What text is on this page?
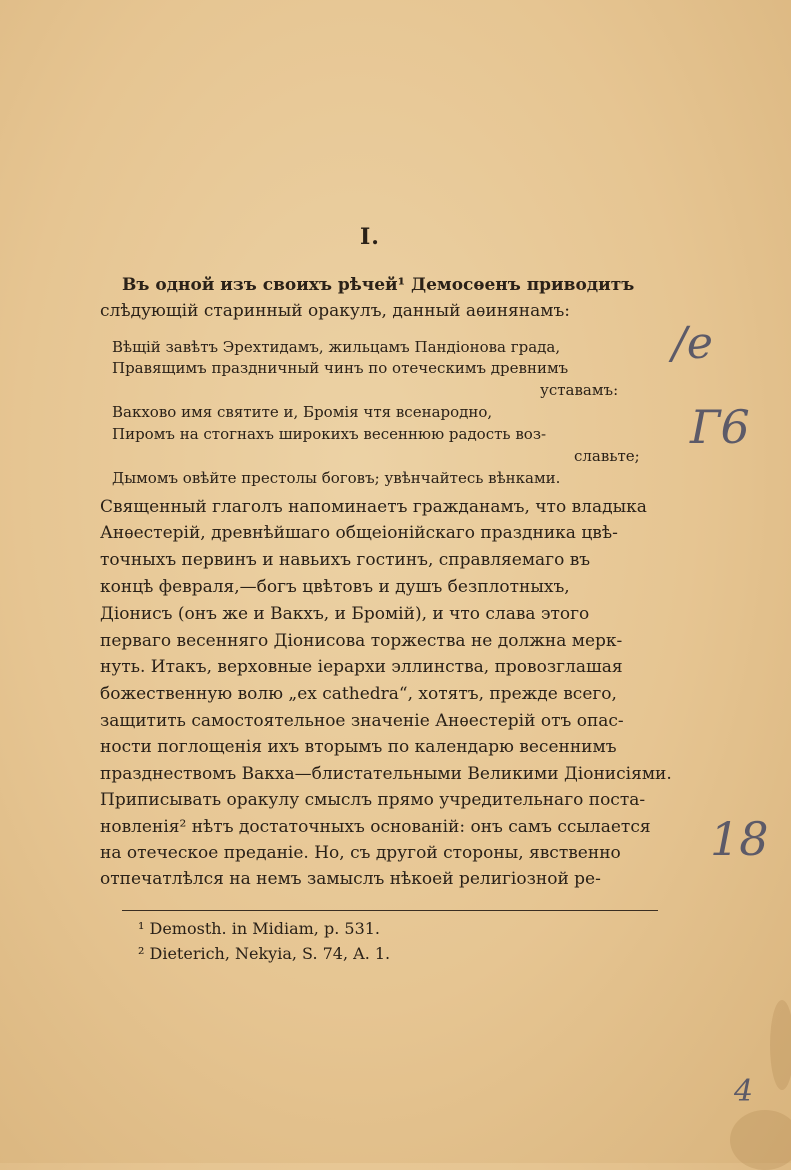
I.
Въ одной изъ своихъ рѣчей¹ Демосѳенъ приводитъ
слѣдующій старинный оракулъ, данный аѳинянамъ:
Вѣщій завѣтъ Эрехтидамъ, жильцамъ Пандіонова града,
Правящимъ праздничный чинъ по отеческимъ древнимъ
уставамъ:
Вакхово имя святите и, Бромія чтя всенародно,
Пиромъ на стогнахъ широкихъ весеннюю радость воз-
славьте;
Дымомъ овѣйте престолы боговъ; увѣнчайтесь вѣнками.
Священный глаголъ напоминаетъ гражданамъ, что владыка
Анѳестерій, древнѣйшаго общеіонійскаго праздника цвѣ-
точныхъ первинъ и навьихъ гостинъ, справляемаго въ
концѣ февраля,—богъ цвѣтовъ и душъ безплотныхъ,
Діонисъ (онъ же и Вакхъ, и Бромій), и что слава этого
перваго весенняго Діонисова торжества не должна мерк-
нуть. Итакъ, верховные іерархи эллинства, провозглашая
божественную волю „ex cathedra“, хотятъ, прежде всего,
защитить самостоятельное значеніе Анѳестерій отъ опас-
ности поглощенія ихъ вторымъ по календарю весеннимъ
празднествомъ Вакха—блистательными Великими Діонисіями.
Приписывать оракулу смыслъ прямо учредительнаго поста-
новленія² нѣтъ достаточныхъ основаній: онъ самъ ссылается
на отеческое преданіе. Но, съ другой стороны, явственно
отпечатлѣлся на немъ замыслъ нѣкоей религіозной ре-
¹ Demosth. in Midiam, p. 531.
² Dieterich, Nekyia, S. 74, A. 1.
/е
Г6
18
4
